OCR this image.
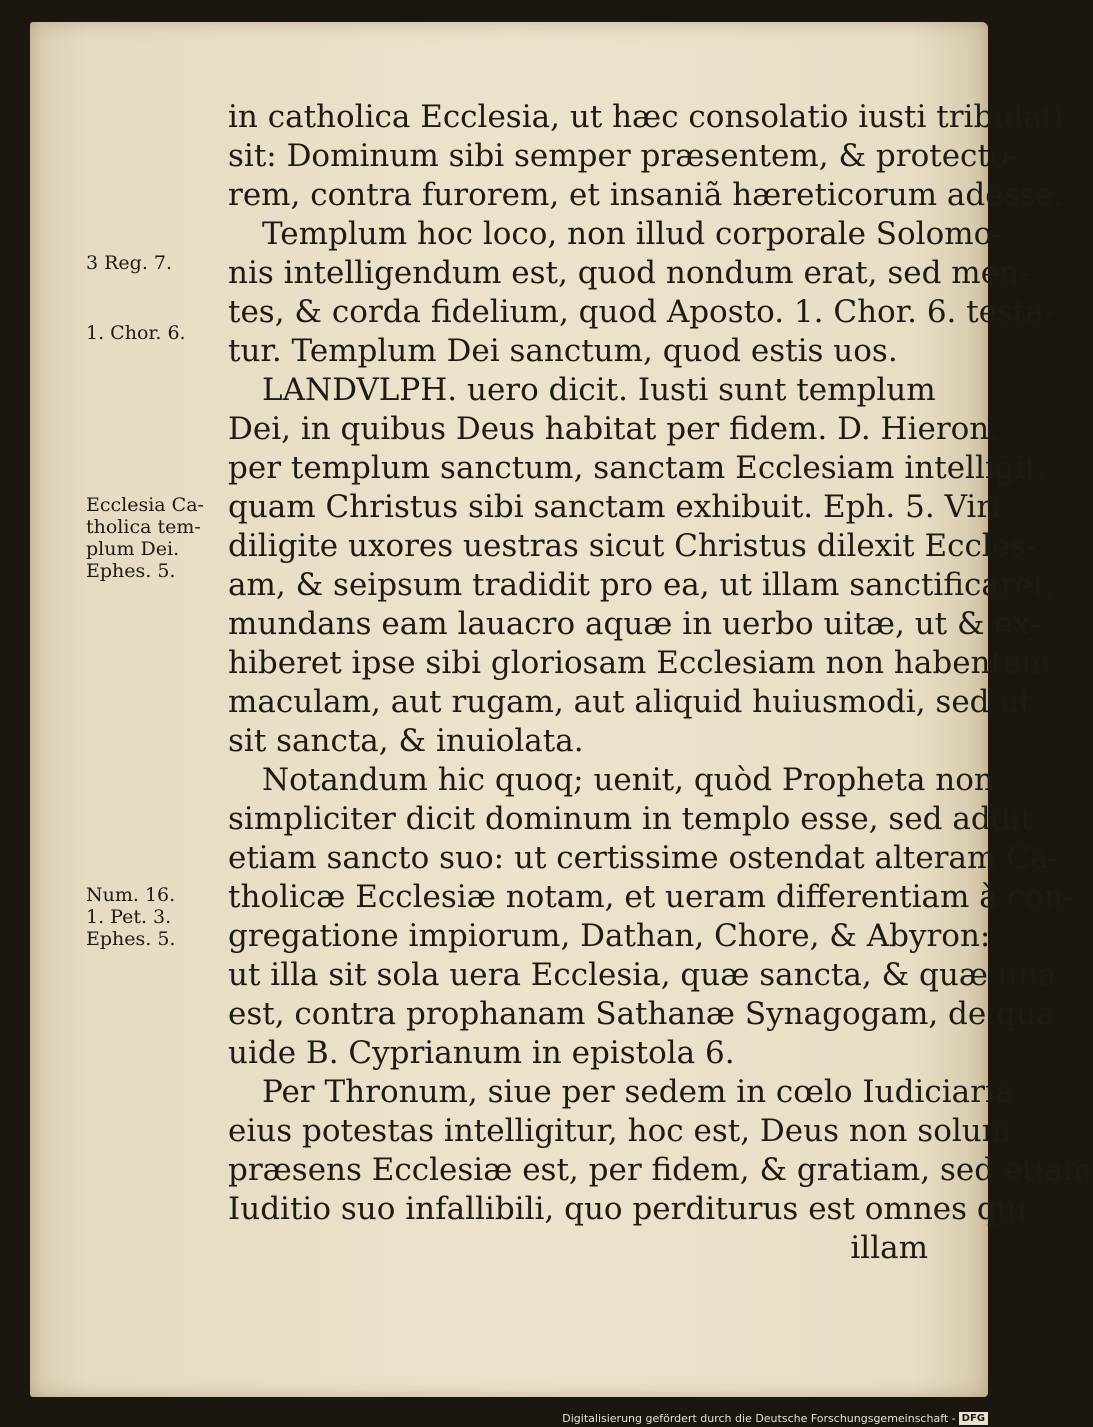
in catholica Ecclesia, ut hæc consolatio iusti tribulati
sit: Dominum sibi semper præsentem, & protecto-
rem, contra furorem, et insaniã hæreticorum adesse.
Templum hoc loco, non illud corporale Solomo-
nis intelligendum est, quod nondum erat, sed men-
tes, & corda fidelium, quod Aposto. 1. Chor. 6. testa-
tur. Templum Dei sanctum, quod estis uos.
LANDVLPH. uero dicit. Iusti sunt templum
Dei, in quibus Deus habitat per fidem. D. Hieron.
per templum sanctum, sanctam Ecclesiam intelligit,
quam Christus sibi sanctam exhibuit. Eph. 5. Viri
diligite uxores uestras sicut Christus dilexit Eccles-
am, & seipsum tradidit pro ea, ut illam sanctificaret,
mundans eam lauacro aquæ in uerbo uitæ, ut & ex-
hiberet ipse sibi gloriosam Ecclesiam non habentem
maculam, aut rugam, aut aliquid huiusmodi, sed ut
sit sancta, & inuiolata.
Notandum hic quoq; uenit, quòd Propheta non
simpliciter dicit dominum in templo esse, sed addit
etiam sancto suo: ut certissime ostendat alteram Ca-
tholicæ Ecclesiæ notam, et ueram differentiam à con-
gregatione impiorum, Dathan, Chore, & Abyron:
ut illa sit sola uera Ecclesia, quæ sancta, & quæ una
est, contra prophanam Sathanæ Synagogam, de qua
uide B. Cyprianum in epistola 6.
Per Thronum, siue per sedem in cœlo Iudiciaria
eius potestas intelligitur, hoc est, Deus non solum
præsens Ecclesiæ est, per fidem, & gratiam, sed etiam
Iuditio suo infallibili, quo perditurus est omnes qui
illam
3 Reg. 7.
1. Chor. 6.
Ecclesia Ca-
tholica tem-
plum Dei.
Ephes. 5.
Num. 16.
1. Pet. 3.
Ephes. 5.
Digitalisierung gefördert durch die Deutsche Forschungsgemeinschaft - DFG
